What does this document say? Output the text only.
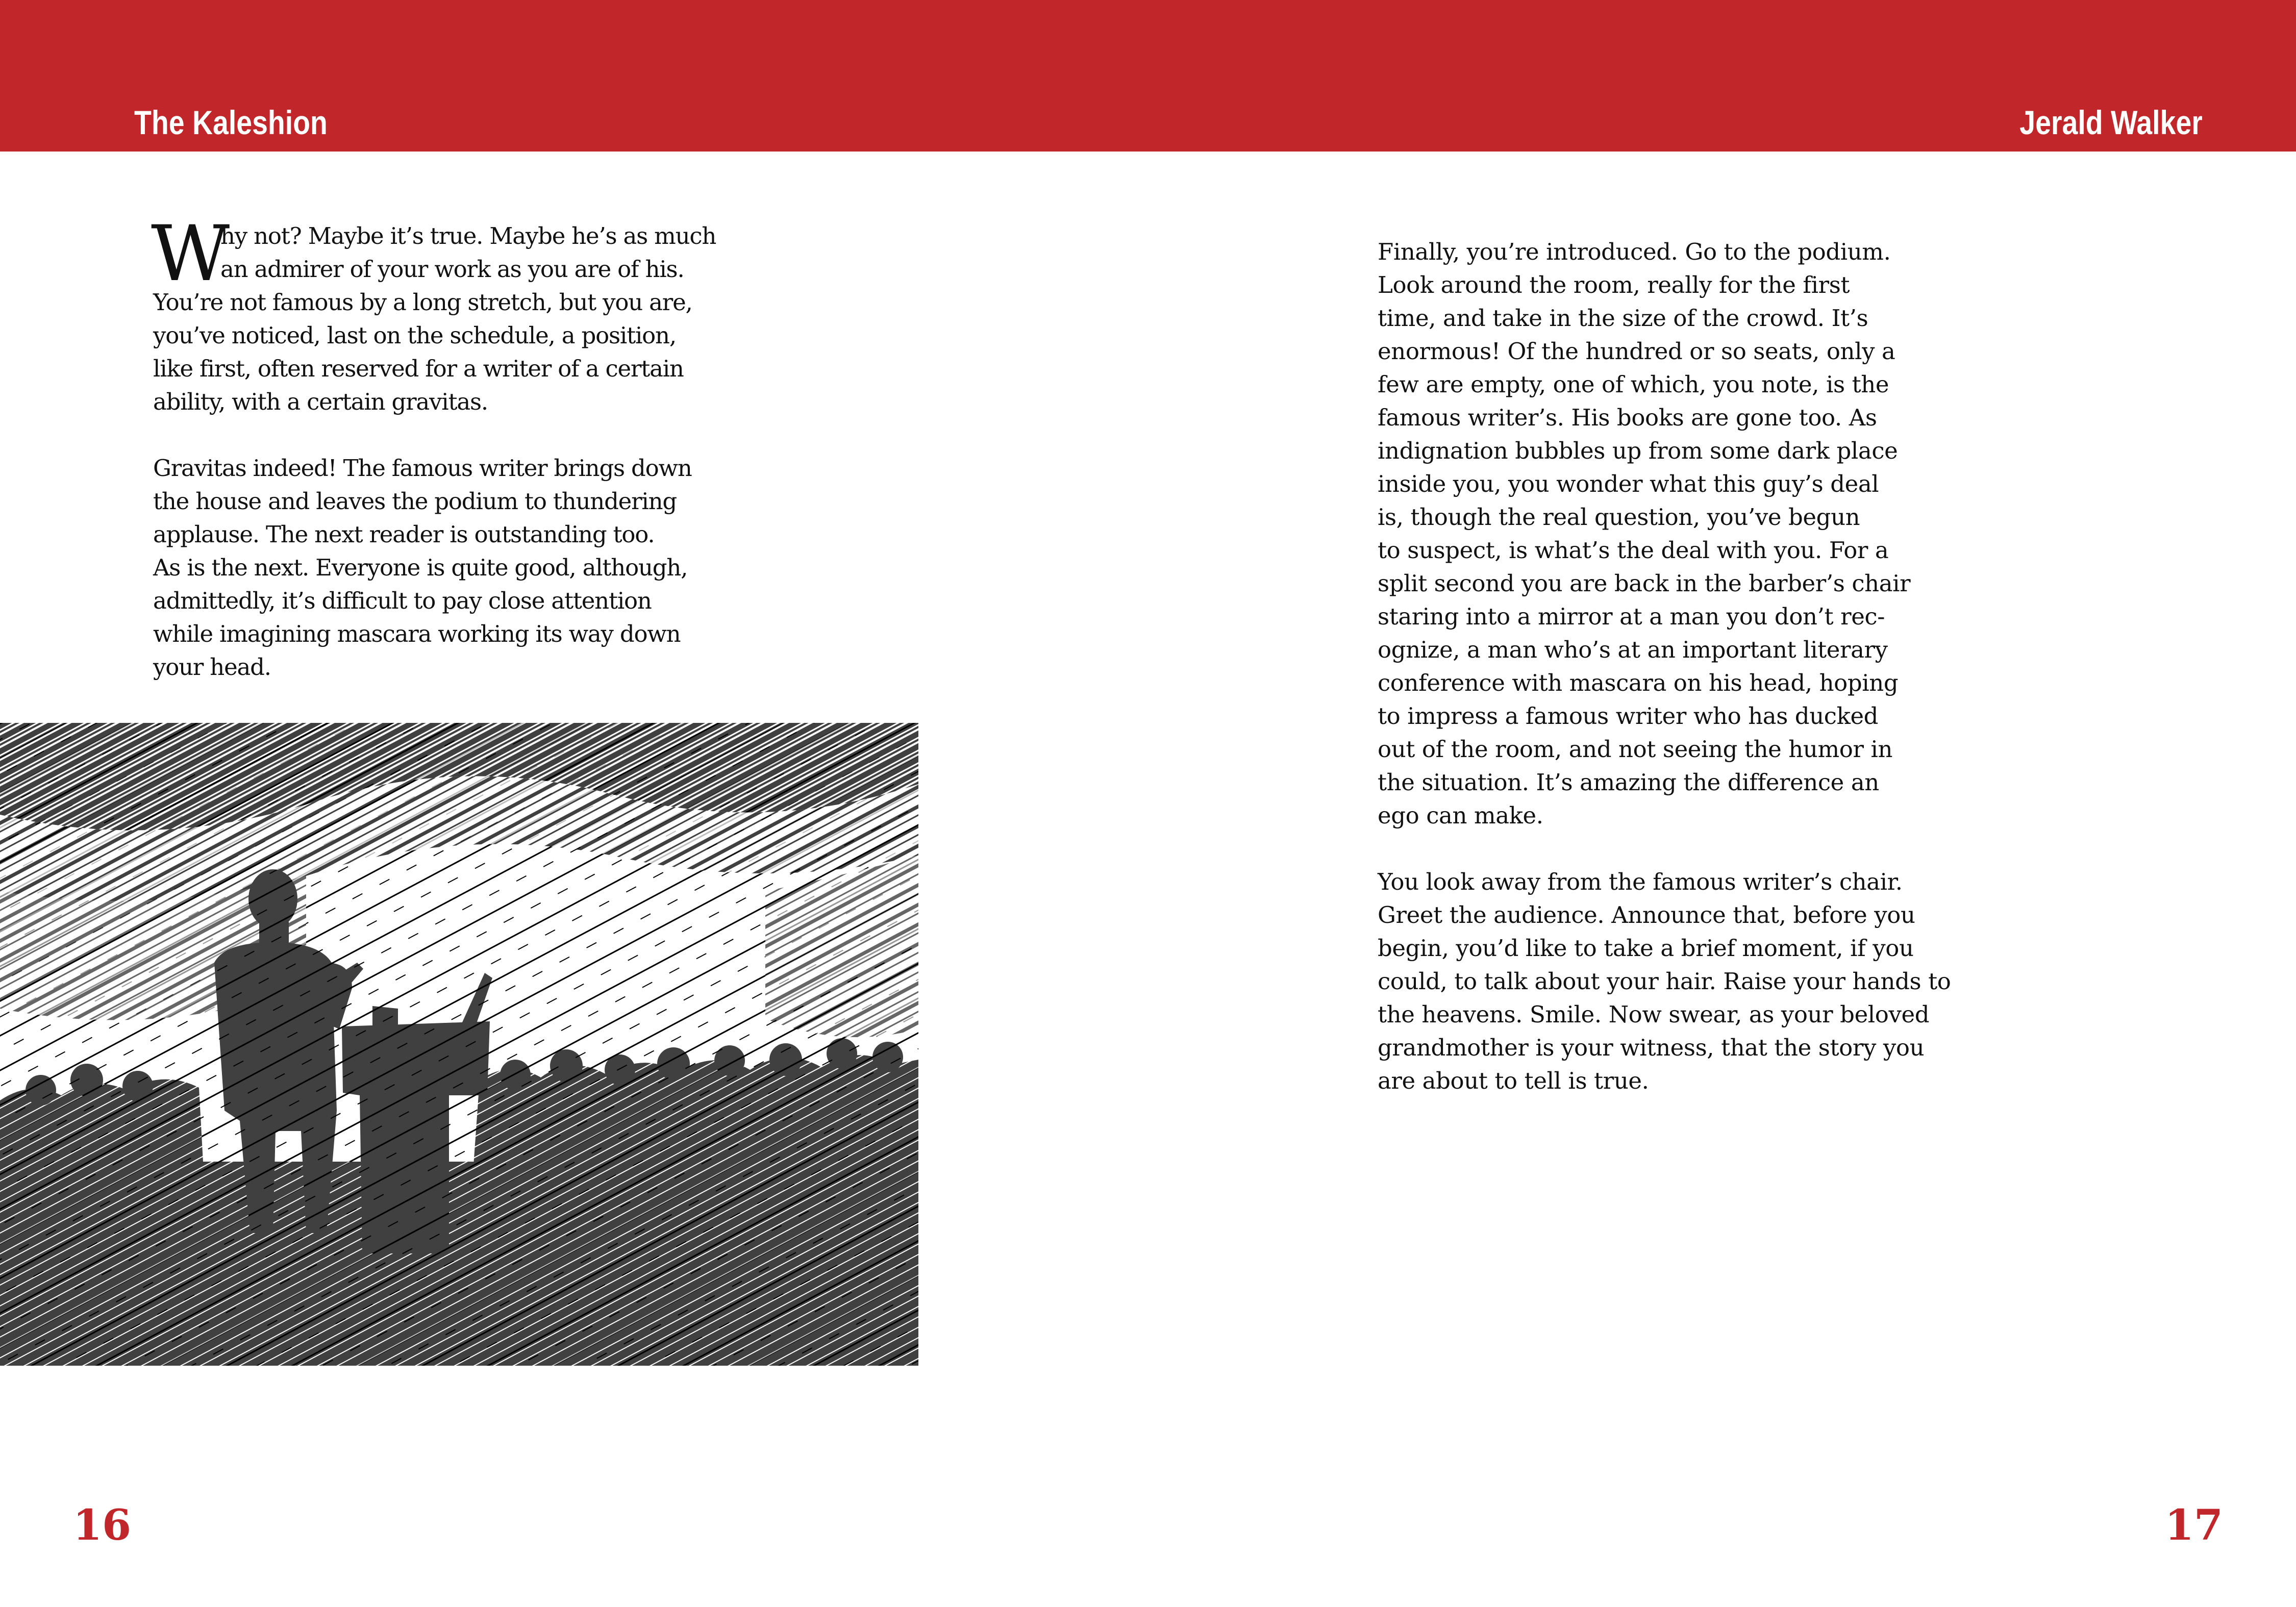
The Kaleshion	Jerald Walker
W
hy not? Maybe it’s true. Maybe he’s as much
an admirer of your work as you are of his.
You’re not famous by a long stretch, but you are,
you’ve noticed, last on the schedule, a position,
like first, often reserved for a writer of a certain
ability, with a certain gravitas.
Gravitas indeed! The famous writer brings down
the house and leaves the podium to thundering
applause. The next reader is outstanding too.
As is the next. Everyone is quite good, although,
admittedly, it’s difficult to pay close attention
while imagining mascara working its way down
your head.
Finally, you’re introduced. Go to the podium.
Look around the room, really for the first
time, and take in the size of the crowd. It’s
enormous! Of the hundred or so seats, only a
few are empty, one of which, you note, is the
famous writer’s. His books are gone too. As
indignation bubbles up from some dark place
inside you, you wonder what this guy’s deal
is, though the real question, you’ve begun
to suspect, is what’s the deal with you. For a
split second you are back in the barber’s chair
staring into a mirror at a man you don’t rec-
ognize, a man who’s at an important literary
conference with mascara on his head, hoping
to impress a famous writer who has ducked
out of the room, and not seeing the humor in
the situation. It’s amazing the difference an
ego can make.
You look away from the famous writer’s chair.
Greet the audience. Announce that, before you
begin, you’d like to take a brief moment, if you
could, to talk about your hair. Raise your hands to
the heavens. Smile. Now swear, as your beloved
grandmother is your witness, that the story you
are about to tell is true.
16	17
